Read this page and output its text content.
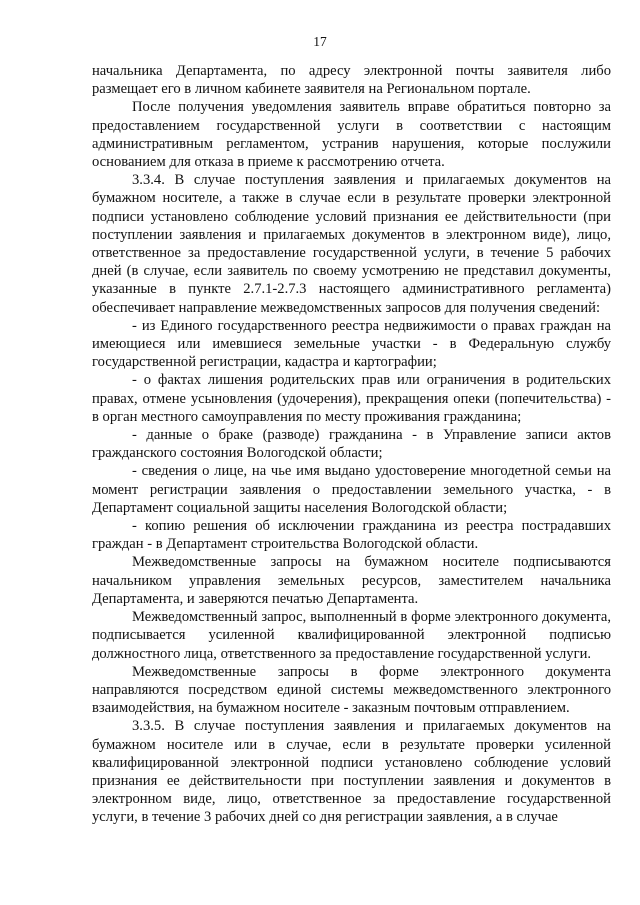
17

начальника Департамента, по адресу электронной почты заявителя либо размещает его в личном кабинете заявителя на Региональном портале.

После получения уведомления заявитель вправе обратиться повторно за предоставлением государственной услуги в соответствии с настоящим административным регламентом, устранив нарушения, которые послужили основанием для отказа в приеме к рассмотрению отчета.

3.3.4. В случае поступления заявления и прилагаемых документов на бумажном носителе, а также в случае если в результате проверки электронной подписи установлено соблюдение условий признания ее действительности (при поступлении заявления и прилагаемых документов в электронном виде), лицо, ответственное за предоставление государственной услуги, в течение 5 рабочих дней (в случае, если заявитель по своему усмотрению не представил документы, указанные в пункте 2.7.1-2.7.3 настоящего административного регламента) обеспечивает направление межведомственных запросов для получения сведений:

- из Единого государственного реестра недвижимости о правах граждан на имеющиеся или имевшиеся земельные участки - в Федеральную службу государственной регистрации, кадастра и картографии;

- о фактах лишения родительских прав или ограничения в родительских правах, отмене усыновления (удочерения), прекращения опеки (попечительства) - в орган местного самоуправления по месту проживания гражданина;

- данные о браке (разводе) гражданина - в Управление записи актов гражданского состояния Вологодской области;

- сведения о лице, на чье имя выдано удостоверение многодетной семьи на момент регистрации заявления о предоставлении земельного участка, - в Департамент социальной защиты населения Вологодской области;

- копию решения об исключении гражданина из реестра пострадавших граждан - в Департамент строительства Вологодской области.

Межведомственные запросы на бумажном носителе подписываются начальником управления земельных ресурсов, заместителем начальника Департамента, и заверяются печатью Департамента.

Межведомственный запрос, выполненный в форме электронного документа, подписывается усиленной квалифицированной электронной подписью должностного лица, ответственного за предоставление государственной услуги.

Межведомственные запросы в форме электронного документа направляются посредством единой системы межведомственного электронного взаимодействия, на бумажном носителе - заказным почтовым отправлением.

3.3.5. В случае поступления заявления и прилагаемых документов на бумажном носителе или в случае, если в результате проверки усиленной квалифицированной электронной подписи установлено соблюдение условий признания ее действительности при поступлении заявления и документов в электронном виде, лицо, ответственное за предоставление государственной услуги, в течение 3 рабочих дней со дня регистрации заявления, а в случае
